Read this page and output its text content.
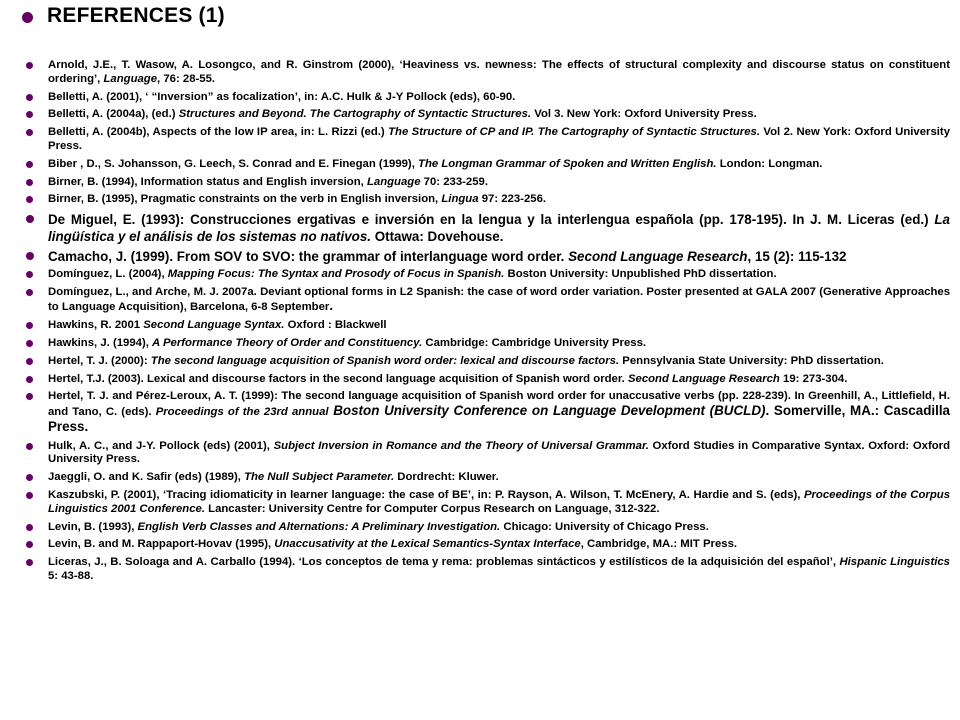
REFERENCES (1)
Arnold, J.E., T. Wasow, A. Losongco, and R. Ginstrom (2000), ‘Heaviness vs. newness: The effects of structural complexity and discourse status on constituent ordering’, Language, 76: 28-55.
Belletti, A. (2001), ‘ “Inversion” as focalization’, in: A.C. Hulk & J-Y Pollock (eds), 60-90.
Belletti, A. (2004a), (ed.) Structures and Beyond. The Cartography of Syntactic Structures. Vol 3. New York: Oxford University Press.
Belletti, A. (2004b), Aspects of the low IP area, in: L. Rizzi (ed.) The Structure of CP and IP. The Cartography of Syntactic Structures. Vol 2. New York: Oxford University Press.
Biber , D., S. Johansson, G. Leech, S. Conrad and E. Finegan (1999), The Longman Grammar of Spoken and Written English. London: Longman.
Birner, B. (1994), Information status and English inversion, Language 70: 233-259.
Birner, B. (1995), Pragmatic constraints on the verb in English inversion, Lingua 97: 223-256.
De Miguel, E. (1993): Construcciones ergativas e inversión en la lengua y la interlengua española (pp. 178-195). In J. M. Liceras (ed.) La lingüística y el análisis de los sistemas no nativos. Ottawa: Dovehouse.
Camacho, J. (1999). From SOV to SVO: the grammar of interlanguage word order. Second Language Research, 15 (2): 115-132
Domínguez, L. (2004), Mapping Focus: The Syntax and Prosody of Focus in Spanish. Boston University: Unpublished PhD dissertation.
Domínguez, L., and Arche, M. J. 2007a. Deviant optional forms in L2 Spanish: the case of word order variation. Poster presented at GALA 2007 (Generative Approaches to Language Acquisition), Barcelona, 6-8 September.
Hawkins, R. 2001 Second Language Syntax. Oxford : Blackwell
Hawkins, J. (1994), A Performance Theory of Order and Constituency. Cambridge: Cambridge University Press.
Hertel, T. J. (2000): The second language acquisition of Spanish word order: lexical and discourse factors. Pennsylvania State University: PhD dissertation.
Hertel, T.J. (2003). Lexical and discourse factors in the second language acquisition of Spanish word order. Second Language Research 19: 273-304.
Hertel, T. J. and Pérez-Leroux, A. T. (1999): The second language acquisition of Spanish word order for unaccusative verbs (pp. 228-239). In Greenhill, A., Littlefield, H. and Tano, C. (eds). Proceedings of the 23rd annual Boston University Conference on Language Development (BUCLD). Somerville, MA.: Cascadilla Press.
Hulk, A. C., and J-Y. Pollock (eds) (2001), Subject Inversion in Romance and the Theory of Universal Grammar. Oxford Studies in Comparative Syntax. Oxford: Oxford University Press.
Jaeggli, O. and K. Safir (eds) (1989), The Null Subject Parameter. Dordrecht: Kluwer.
Kaszubski, P. (2001), ‘Tracing idiomaticity in learner language: the case of BE’, in: P. Rayson, A. Wilson, T. McEnery, A. Hardie and S. (eds), Proceedings of the Corpus Linguistics 2001 Conference. Lancaster: University Centre for Computer Corpus Research on Language, 312-322.
Levin, B. (1993), English Verb Classes and Alternations: A Preliminary Investigation. Chicago: University of Chicago Press.
Levin, B. and M. Rappaport-Hovav (1995), Unaccusativity at the Lexical Semantics-Syntax Interface, Cambridge, MA.: MIT Press.
Liceras, J., B. Soloaga and A. Carballo (1994). ‘Los conceptos de tema y rema: problemas sintácticos y estilísticos de la adquisición del español’, Hispanic Linguistics 5: 43-88.
